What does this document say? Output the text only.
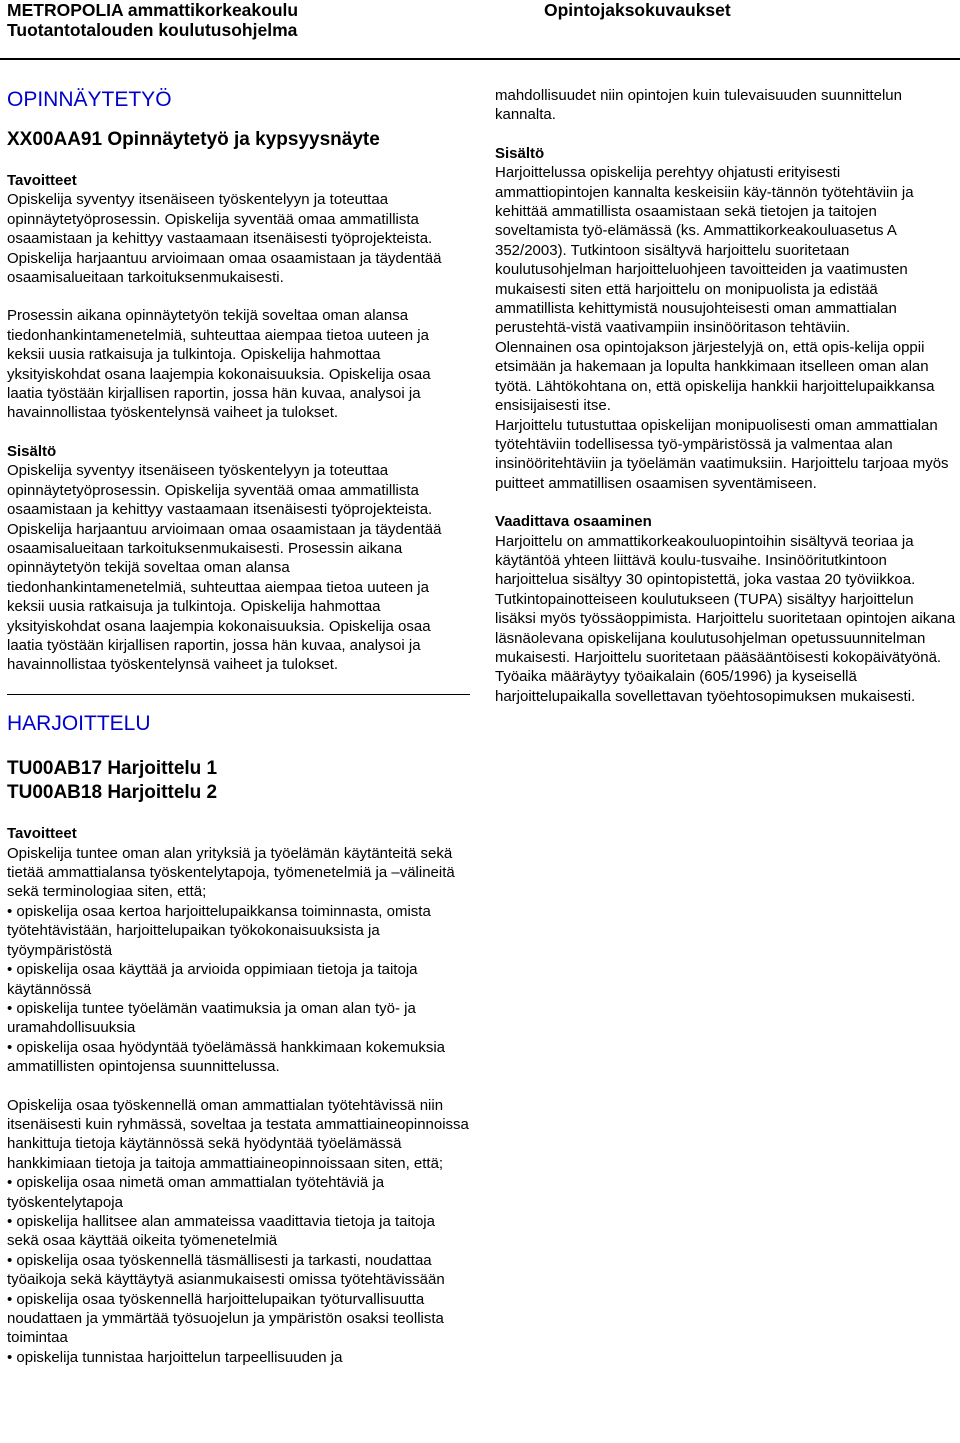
METROPOLIA ammattikorkeakoulu
Tuotantotalouden koulutusohjelma
Opintojaksokuvaukset
OPINNÄYTETYÖ
XX00AA91 Opinnäytetyö ja kypsyysnäyte

Tavoitteet

Opiskelija syventyy itsenäiseen työskentelyyn ja toteuttaa opinnäytetyöprosessin. Opiskelija syventää omaa ammatillista osaamistaan ja kehittyy vastaamaan itsenäisesti työprojekteista. Opiskelija harjaantuu arvioimaan omaa osaamistaan ja täydentää osaamisalueitaan tarkoituksenmukaisesti.

Prosessin aikana opinnäytetyön tekijä soveltaa oman alansa tiedonhankintamenetelmiä, suhteuttaa aiempaa tietoa uuteen ja keksii uusia ratkaisuja ja tulkintoja. Opiskelija hahmottaa yksityiskohdat osana laajempia kokonaisuuksia. Opiskelija osaa laatia työstään kirjallisen raportin, jossa hän kuvaa, analysoi ja havainnollistaa työskentelynsä vaiheet ja tulokset.

Sisältö

Opiskelija syventyy itsenäiseen työskentelyyn ja toteuttaa opinnäytetyöprosessin. Opiskelija syventää omaa ammatillista osaamistaan ja kehittyy vastaamaan itsenäisesti työprojekteista. Opiskelija harjaantuu arvioimaan omaa osaamistaan ja täydentää osaamisalueitaan tarkoituksenmukaisesti. Prosessin aikana opinnäytetyön tekijä soveltaa oman alansa tiedonhankintamenetelmiä, suhteuttaa aiempaa tietoa uuteen ja keksii uusia ratkaisuja ja tulkintoja. Opiskelija hahmottaa yksityiskohdat osana laajempia kokonaisuuksia. Opiskelija osaa laatia työstään kirjallisen raportin, jossa hän kuvaa, analysoi ja havainnollistaa työskentelynsä vaiheet ja tulokset.

HARJOITTELU
TU00AB17 Harjoittelu 1
TU00AB18 Harjoittelu 2

Tavoitteet

Opiskelija tuntee oman alan yrityksiä ja työelämän käytänteitä sekä tietää ammattialansa työskentelytapoja, työmenetelmiä ja –välineitä sekä terminologiaa siten, että;

• opiskelija osaa kertoa harjoittelupaikkansa toiminnasta, omista työtehtävistään, harjoittelupaikan työkokonaisuuksista ja työympäristöstä

• opiskelija osaa käyttää ja arvioida oppimiaan tietoja ja taitoja käytännössä

• opiskelija tuntee työelämän vaatimuksia ja oman alan työ- ja uramahdollisuuksia

• opiskelija osaa hyödyntää työelämässä hankkimaan kokemuksia ammatillisten opintojensa suunnittelussa.

Opiskelija osaa työskennellä oman ammattialan työtehtävissä niin itsenäisesti kuin ryhmässä, soveltaa ja testata ammattiaineopinnoissa hankittuja tietoja käytännössä sekä hyödyntää työelämässä hankkimiaan tietoja ja taitoja ammattiaineopinnoissaan siten, että;

• opiskelija osaa nimetä oman ammattialan työtehtäviä ja työskentelytapoja

• opiskelija hallitsee alan ammateissa vaadittavia tietoja ja taitoja sekä osaa käyttää oikeita työmenetelmiä

• opiskelija osaa työskennellä täsmällisesti ja tarkasti, noudattaa työaikoja sekä käyttäytyä asianmukaisesti omissa työtehtävissään

• opiskelija osaa työskennellä harjoittelupaikan työturvallisuutta noudattaen ja ymmärtää työsuojelun ja ympäristön osaksi teollista toimintaa

• opiskelija tunnistaa harjoittelun tarpeellisuuden ja

mahdollisuudet niin opintojen kuin tulevaisuuden suunnittelun kannalta.

Sisältö

Harjoittelussa opiskelija perehtyy ohjatusti erityisesti ammattiopintojen kannalta keskeisiin käy-tännön työtehtäviin ja kehittää ammatillista osaamistaan sekä tietojen ja taitojen soveltamista työ-elämässä (ks. Ammattikorkeakouluasetus A 352/2003). Tutkintoon sisältyvä harjoittelu suoritetaan koulutusohjelman harjoitteluohjeen tavoitteiden ja vaatimusten mukaisesti siten että harjoittelu on monipuolista ja edistää ammatillista kehittymistä nousujohteisesti oman ammattialan perustehtä-vistä vaativampiin insinööritason tehtäviin.

Olennainen osa opintojakson järjestelyjä on, että opis-kelija oppii etsimään ja hakemaan ja lopulta hankkimaan itselleen oman alan työtä. Lähtökohtana on, että opiskelija hankkii harjoittelupaikkansa ensisijaisesti itse.

Harjoittelu tutustuttaa opiskelijan monipuolisesti oman ammattialan työtehtäviin todellisessa työ-ympäristössä ja valmentaa alan insinööritehtäviin ja työelämän vaatimuksiin. Harjoittelu tarjoaa myös puitteet ammatillisen osaamisen syventämiseen.

Vaadittava osaaminen

Harjoittelu on ammattikorkeakouluopintoihin sisältyvä teoriaa ja käytäntöä yhteen liittävä koulu-tusvaihe. Insinööritutkintoon harjoittelua sisältyy 30 opintopistettä, joka vastaa 20 työviikkoa. Tutkintopainotteiseen koulutukseen (TUPA) sisältyy harjoittelun lisäksi myös työssäoppimista. Harjoittelu suoritetaan opintojen aikana läsnäolevana opiskelijana koulutusohjelman opetussuunnitelman mukaisesti. Harjoittelu suoritetaan pääsääntöisesti kokopäivätyönä. Työaika määräytyy työaikalain (605/1996) ja kyseisellä harjoittelupaikalla sovellettavan työehtosopimuksen mukaisesti.
